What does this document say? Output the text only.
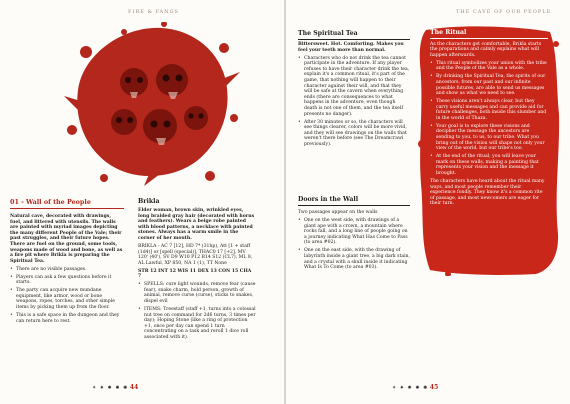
FIRE & FANGS
01 - Wall of the People

Natural cave, decorated with drawings, fuel, and littered with utensils. The walls are painted with myriad images depicting the many different People of the Vale; their past struggles, and their future hopes. There are fuel on the ground, some tools, weapons made of wood and bone, as well as a fire pit where Brikla is preparing the Spiritual Tea.

• There are no visible passages.
• Players can ask a few questions before it starts.
• The party can acquire new mundane equipment, like armor, wood or bone weapons, ropes, torches, and other simple items by picking them up from the floor.
• This is a safe space in the dungeon and they can return here to rest.
Brikla

Elder woman, brown skin, wrinkled eyes, long braided gray hair (decorated with horns and feathers). Wears a beige robe painted with blood patterns, a necklace with painted stones. Always has a warm smile in the corner of her mouth.

BRIKLA - AC 7 [12], HD 7* (31hp), Att [1 + staff (1d4)] or [spell (special)], THAC0 17 [+2], MV 120' (40'), SV D9 W10 P12 B14 S12 (CL7), ML 8, AL Lawful, XP 850, NA 1 (1), TT None

STR 12 INT 12 WIS 11 DEX 13 CON 15 CHA 7

• SPELLS: cure light wounds, remove fear (cause fear), snake charm, hold person, growth of animal, remove curse (curse), sticks to snakes, dispel evil
• ITEMS: Treestaff (staff +1, turns into a colossal nut tree on command for 2d6 turns, 3 times per day); Hoping Stone (like a ring of protection +1, once per day can spend 1 turn concentrating on a task and reroll 1 dice roll associated with it).
✶ ✷ ✸ ✹ ✺ 44
THE CAVE OF OUR PEOPLE
The Spiritual Tea

Bittersweet. Hot. Comforting. Makes you feel your teeth more than normal.

• Characters who do not drink the tea cannot participate in the adventure. If any player refuses to have their character drink the tea, explain it's a common ritual, it's part of the game, that nothing will happen to their character against their will, and that they will be safe at the cavern when everything ends (there are consequences to what happens in the adventure, even though death is not one of them, and the tea itself presents no danger).
• After 30 minutes or so, the characters will see things clearer, colors will be more vivid, and they will see drawings on the walls that weren't there before (see The Dreamcrawl previously).
Doors in the Wall

Two passages appear on the walls

• One on the west side, with drawings of a giant ape with a crown, a mountain where rocks fall, and a long line of people going on a journey indicating What Has Come to Pass (to area #02).
• One on the east side, with the drawing of labyrinth inside a giant tree, a big dark stain, and a crystal with a skull inside it indicating What Is To Come (to area #03).
The Ritual

As the characters get comfortable, Brikla starts the preparations and calmly explains what will happen afterwards.

• This ritual symbolizes your union with the tribe and the People of the Vale as a whole.
• By drinking the Spiritual Tea, the spirits of our ancestors, from our past and our infinite possible futures, are able to send us messages and show us what we need to see.
• These visions aren't always clear, but they carry useful messages and can provide aid for future challenges, both inside this slumber and in the world of Thaza.
• Your goal is to explore these visions and decipher the message the ancestors are sending to you, to us, to our tribe. What you bring out of the vision will shape not only your view of the world, but our tribe's too.
• At the end of the ritual, you will leave your mark on these walls, making a painting that represents your vision and the message it brought.

The characters have heard about the ritual many ways, and most people remember their experience fondly. They know it's a common rite of passage, and most newcomers are eager for their turn.

✶ ✷ ✸ ✹ ✺ 45
